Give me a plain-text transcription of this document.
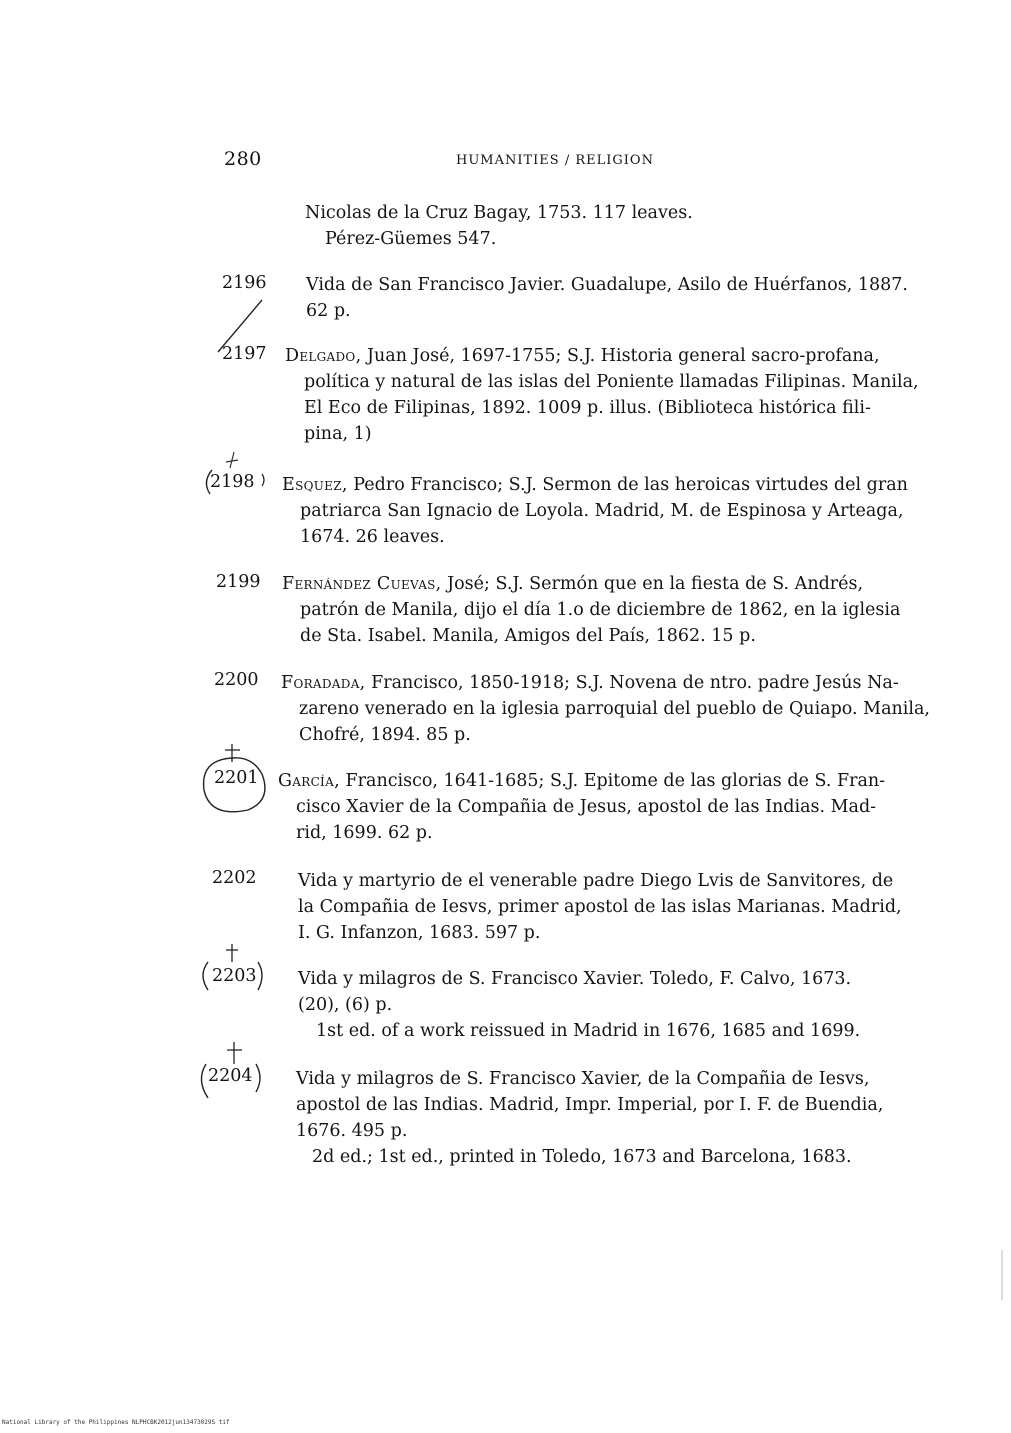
280	HUMANITIES / RELIGION
Nicolas de la Cruz Bagay, 1753. 117 leaves.
Pérez-Güemes 547.
2196 Vida de San Francisco Javier. Guadalupe, Asilo de Huérfanos, 1887.
62 p.
2197 Delgado, Juan José, 1697-1755; S.J. Historia general sacro-profana,
política y natural de las islas del Poniente llamadas Filipinas. Manila,
El Eco de Filipinas, 1892. 1009 p. illus. (Biblioteca histórica fili-
pina, 1)
2198 Esquez, Pedro Francisco; S.J. Sermon de las heroicas virtudes del gran
patriarca San Ignacio de Loyola. Madrid, M. de Espinosa y Arteaga,
1674. 26 leaves.
2199 Fernández Cuevas, José; S.J. Sermón que en la fiesta de S. Andrés,
patrón de Manila, dijo el día 1.o de diciembre de 1862, en la iglesia
de Sta. Isabel. Manila, Amigos del País, 1862. 15 p.
2200 Foradada, Francisco, 1850-1918; S.J. Novena de ntro. padre Jesús Na-
zareno venerado en la iglesia parroquial del pueblo de Quiapo. Manila,
Chofré, 1894. 85 p.
2201 García, Francisco, 1641-1685; S.J. Epitome de las glorias de S. Fran-
cisco Xavier de la Compañia de Jesus, apostol de las Indias. Mad-
rid, 1699. 62 p.
2202 Vida y martyrio de el venerable padre Diego Lvis de Sanvitores, de
la Compañia de Iesvs, primer apostol de las islas Marianas. Madrid,
I. G. Infanzon, 1683. 597 p.
2203 Vida y milagros de S. Francisco Xavier. Toledo, F. Calvo, 1673.
(20), (6) p.
1st ed. of a work reissued in Madrid in 1676, 1685 and 1699.
2204 Vida y milagros de S. Francisco Xavier, de la Compañia de Iesvs,
apostol de las Indias. Madrid, Impr. Imperial, por I. F. de Buendia,
1676. 495 p.
2d ed.; 1st ed., printed in Toledo, 1673 and Barcelona, 1683.
National Library of the Philippines NLPHCBK2012jun13473029S tif
